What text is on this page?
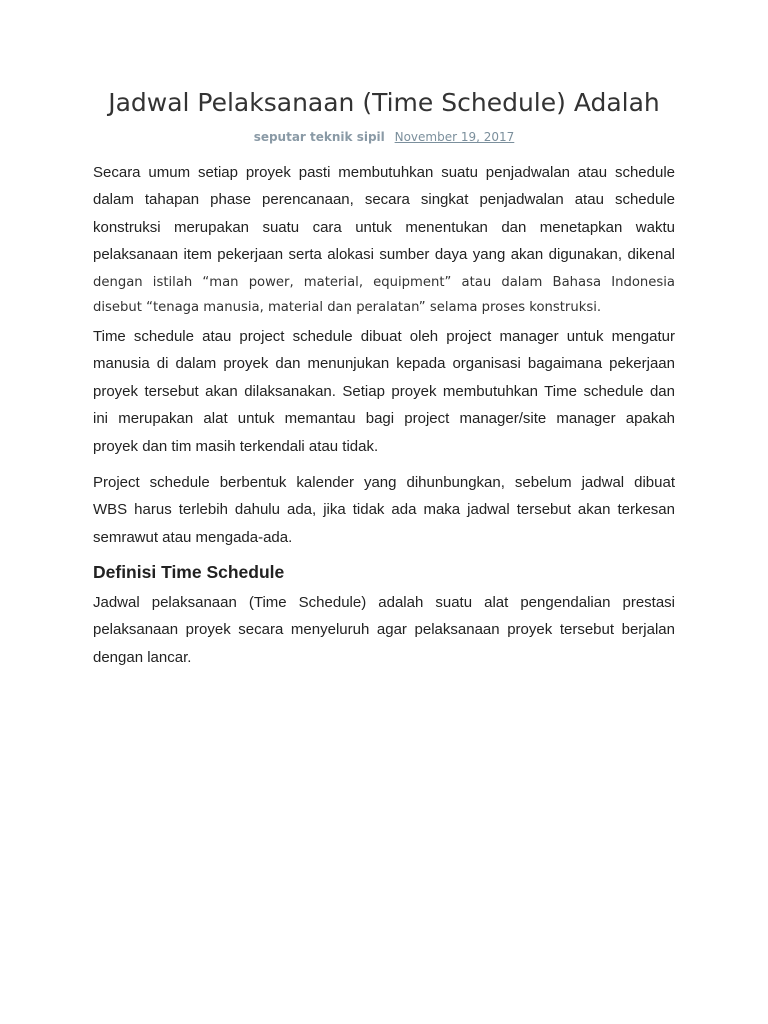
Jadwal Pelaksanaan (Time Schedule) Adalah
seputar teknik sipil November 19, 2017
Secara umum setiap proyek pasti membutuhkan suatu penjadwalan atau schedule
dalam tahapan phase perencanaan, secara singkat penjadwalan atau schedule
konstruksi merupakan suatu cara untuk menentukan dan menetapkan waktu
pelaksanaan item pekerjaan serta alokasi sumber daya yang akan digunakan, dikenal
dengan istilah “man power, material, equipment” atau dalam Bahasa Indonesia
disebut “tenaga manusia, material dan peralatan” selama proses konstruksi.
Time schedule atau project schedule dibuat oleh project manager untuk mengatur
manusia di dalam proyek dan menunjukan kepada organisasi bagaimana pekerjaan
proyek tersebut akan dilaksanakan. Setiap proyek membutuhkan Time schedule dan
ini merupakan alat untuk memantau bagi project manager/site manager apakah
proyek dan tim masih terkendali atau tidak.
Project schedule berbentuk kalender yang dihunbungkan, sebelum jadwal dibuat
WBS harus terlebih dahulu ada, jika tidak ada maka jadwal tersebut akan terkesan
semrawut atau mengada-ada.
Definisi Time Schedule
Jadwal pelaksanaan (Time Schedule) adalah suatu alat pengendalian prestasi
pelaksanaan proyek secara menyeluruh agar pelaksanaan proyek tersebut berjalan
dengan lancar.
